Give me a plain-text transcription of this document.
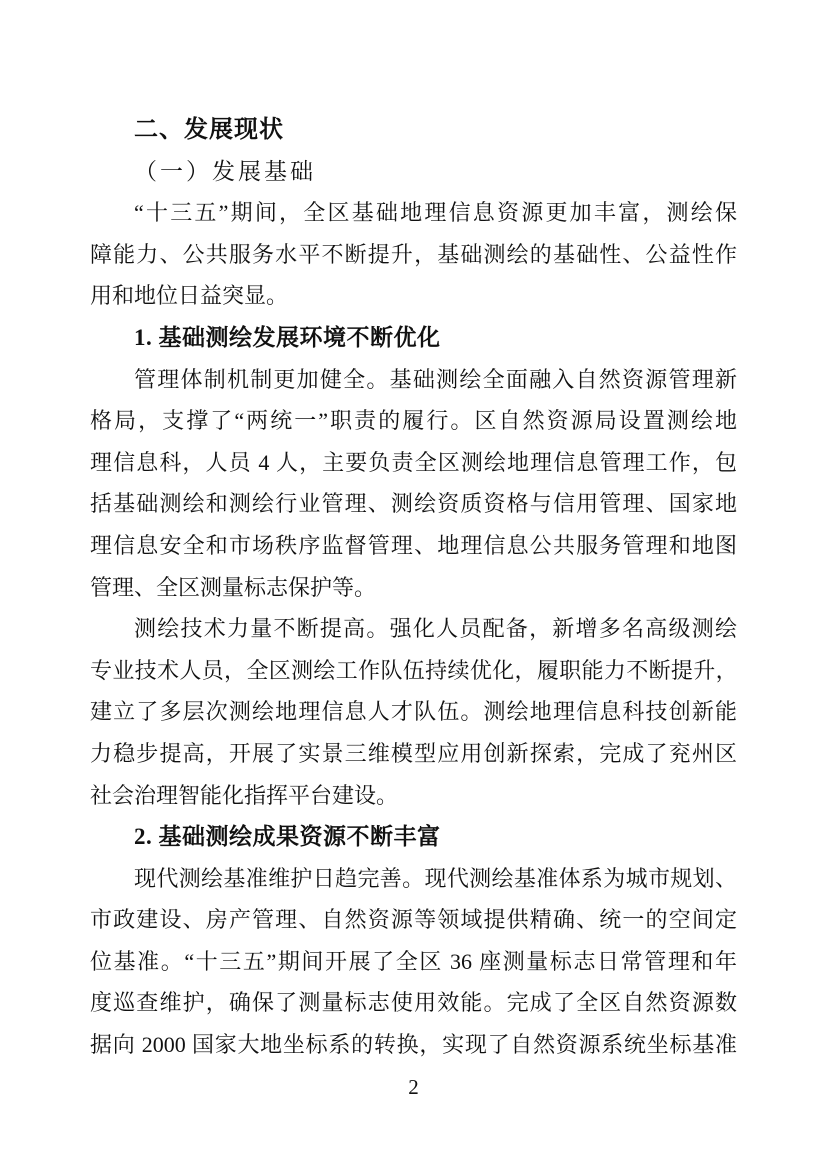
二、发展现状
（一）发展基础
“十三五”期间，全区基础地理信息资源更加丰富，测绘保
障能力、公共服务水平不断提升，基础测绘的基础性、公益性作
用和地位日益突显。
1. 基础测绘发展环境不断优化
管理体制机制更加健全。基础测绘全面融入自然资源管理新
格局，支撑了“两统一”职责的履行。区自然资源局设置测绘地
理信息科，人员 4 人，主要负责全区测绘地理信息管理工作，包
括基础测绘和测绘行业管理、测绘资质资格与信用管理、国家地
理信息安全和市场秩序监督管理、地理信息公共服务管理和地图
管理、全区测量标志保护等。
测绘技术力量不断提高。强化人员配备，新增多名高级测绘
专业技术人员，全区测绘工作队伍持续优化，履职能力不断提升，
建立了多层次测绘地理信息人才队伍。测绘地理信息科技创新能
力稳步提高，开展了实景三维模型应用创新探索，完成了兖州区
社会治理智能化指挥平台建设。
2. 基础测绘成果资源不断丰富
现代测绘基准维护日趋完善。现代测绘基准体系为城市规划、
市政建设、房产管理、自然资源等领域提供精确、统一的空间定
位基准。“十三五”期间开展了全区 36 座测量标志日常管理和年
度巡查维护，确保了测量标志使用效能。完成了全区自然资源数
据向 2000 国家大地坐标系的转换，实现了自然资源系统坐标基准
2
